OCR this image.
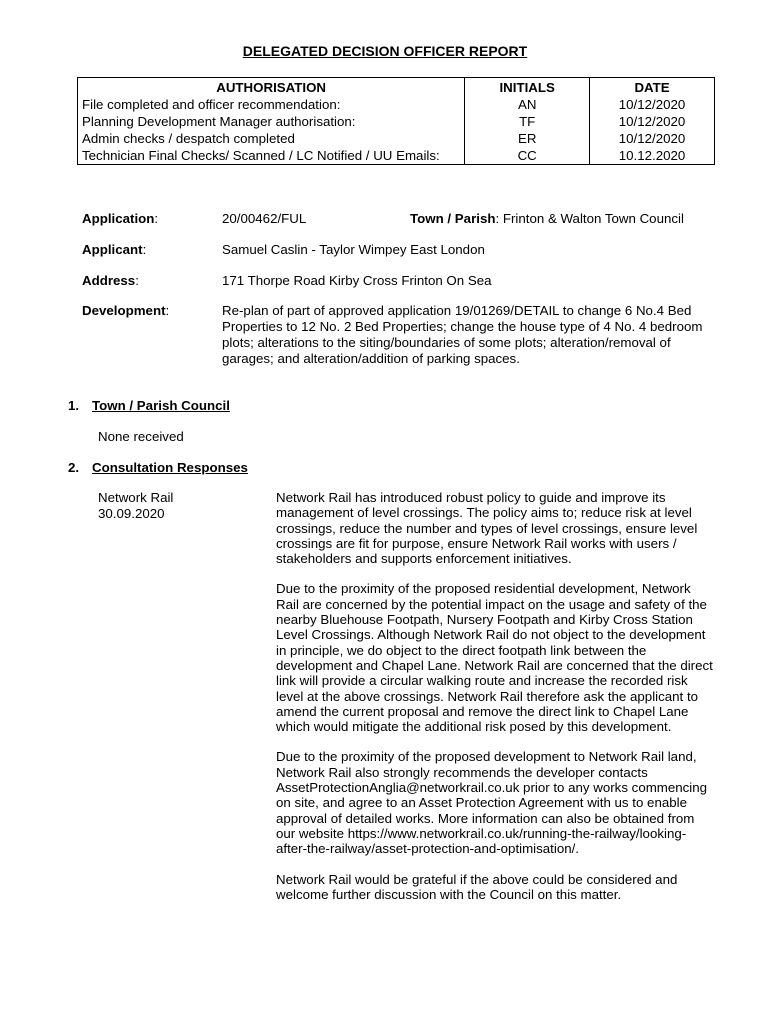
DELEGATED DECISION OFFICER REPORT
AUTHORISATION	INITIALS	DATE
File completed and officer recommendation:	AN	10/12/2020
Planning Development Manager authorisation:	TF	10/12/2020
Admin checks / despatch completed	ER	10/12/2020
Technician Final Checks/ Scanned / LC Notified / UU Emails:	CC	10.12.2020
Application:	20/00462/FUL	Town / Parish: Frinton & Walton Town Council
Applicant:	Samuel Caslin - Taylor Wimpey East London
Address:	171 Thorpe Road Kirby Cross Frinton On Sea
Development:	Re-plan of part of approved application 19/01269/DETAIL to change 6 No.4 Bed Properties to 12 No. 2 Bed Properties; change the house type of 4 No. 4 bedroom plots; alterations to the siting/boundaries of some plots; alteration/removal of garages; and alteration/addition of parking spaces.
1. Town / Parish Council
None received
2. Consultation Responses
Network Rail
30.09.2020

Network Rail has introduced robust policy to guide and improve its management of level crossings. The policy aims to; reduce risk at level crossings, reduce the number and types of level crossings, ensure level crossings are fit for purpose, ensure Network Rail works with users / stakeholders and supports enforcement initiatives.

Due to the proximity of the proposed residential development, Network Rail are concerned by the potential impact on the usage and safety of the nearby Bluehouse Footpath, Nursery Footpath and Kirby Cross Station Level Crossings. Although Network Rail do not object to the development in principle, we do object to the direct footpath link between the development and Chapel Lane. Network Rail are concerned that the direct link will provide a circular walking route and increase the recorded risk level at the above crossings. Network Rail therefore ask the applicant to amend the current proposal and remove the direct link to Chapel Lane which would mitigate the additional risk posed by this development.

Due to the proximity of the proposed development to Network Rail land, Network Rail also strongly recommends the developer contacts AssetProtectionAnglia@networkrail.co.uk prior to any works commencing on site, and agree to an Asset Protection Agreement with us to enable approval of detailed works. More information can also be obtained from our website https://www.networkrail.co.uk/running-the-railway/looking-after-the-railway/asset-protection-and-optimisation/.

Network Rail would be grateful if the above could be considered and welcome further discussion with the Council on this matter.
